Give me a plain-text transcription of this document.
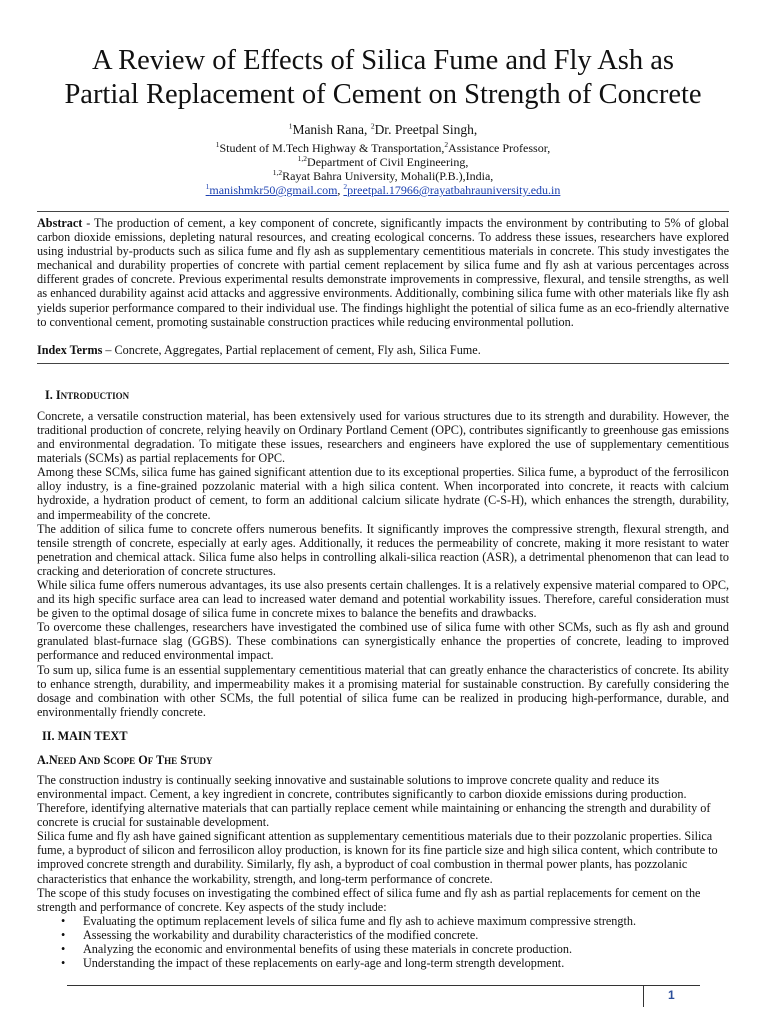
A Review of Effects of Silica Fume and Fly Ash as
Partial Replacement of Cement on Strength of Concrete
$^1$Manish Rana, $^2$Dr. Preetpal Singh,
$^1$Student of M.Tech Highway & Transportation,$^2$Assistance Professor,
$^{1,2}$Department of Civil Engineering,
$^{1,2}$Rayat Bahra University, Mohali(P.B.),India,
$^1$manishmkr50@gmail.com, $^2$preetpal.17966@rayatbahrauniversity.edu.in

Abstract - The production of cement, a key component of concrete, significantly impacts the environment by contributing to 5% of global carbon dioxide emissions, depleting natural resources, and creating ecological concerns. To address these issues, researchers have explored using industrial by-products such as silica fume and fly ash as supplementary cementitious materials in concrete. This study investigates the mechanical and durability properties of concrete with partial cement replacement by silica fume and fly ash at various percentages across different grades of concrete. Previous experimental results demonstrate improvements in compressive, flexural, and tensile strengths, as well as enhanced durability against acid attacks and aggressive environments. Additionally, combining silica fume with other materials like fly ash yields superior performance compared to their individual use. The findings highlight the potential of silica fume as an eco-friendly alternative to conventional cement, promoting sustainable construction practices while reducing environmental pollution.

Index Terms – Concrete, Aggregates, Partial replacement of cement, Fly ash, Silica Fume.

I. Introduction

Concrete, a versatile construction material, has been extensively used for various structures due to its strength and durability. However, the traditional production of concrete, relying heavily on Ordinary Portland Cement (OPC), contributes significantly to greenhouse gas emissions and environmental degradation. To mitigate these issues, researchers and engineers have explored the use of supplementary cementitious materials (SCMs) as partial replacements for OPC.

Among these SCMs, silica fume has gained significant attention due to its exceptional properties. Silica fume, a byproduct of the ferrosilicon alloy industry, is a fine-grained pozzolanic material with a high silica content. When incorporated into concrete, it reacts with calcium hydroxide, a hydration product of cement, to form an additional calcium silicate hydrate (C-S-H), which enhances the strength, durability, and impermeability of the concrete.

The addition of silica fume to concrete offers numerous benefits. It significantly improves the compressive strength, flexural strength, and tensile strength of concrete, especially at early ages. Additionally, it reduces the permeability of concrete, making it more resistant to water penetration and chemical attack. Silica fume also helps in controlling alkali-silica reaction (ASR), a detrimental phenomenon that can lead to cracking and deterioration of concrete structures.

While silica fume offers numerous advantages, its use also presents certain challenges. It is a relatively expensive material compared to OPC, and its high specific surface area can lead to increased water demand and potential workability issues. Therefore, careful consideration must be given to the optimal dosage of silica fume in concrete mixes to balance the benefits and drawbacks.

To overcome these challenges, researchers have investigated the combined use of silica fume with other SCMs, such as fly ash and ground granulated blast-furnace slag (GGBS). These combinations can synergistically enhance the properties of concrete, leading to improved performance and reduced environmental impact.

To sum up, silica fume is an essential supplementary cementitious material that can greatly enhance the characteristics of concrete. Its ability to enhance strength, durability, and impermeability makes it a promising material for sustainable construction. By carefully considering the dosage and combination with other SCMs, the full potential of silica fume can be realized in producing high-performance, durable, and environmentally friendly concrete.

II. MAIN TEXT
A.Need And Scope Of The Study

The construction industry is continually seeking innovative and sustainable solutions to improve concrete quality and reduce its environmental impact. Cement, a key ingredient in concrete, contributes significantly to carbon dioxide emissions during production. Therefore, identifying alternative materials that can partially replace cement while maintaining or enhancing the strength and durability of concrete is crucial for sustainable development.

Silica fume and fly ash have gained significant attention as supplementary cementitious materials due to their pozzolanic properties. Silica fume, a byproduct of silicon and ferrosilicon alloy production, is known for its fine particle size and high silica content, which contribute to improved concrete strength and durability. Similarly, fly ash, a byproduct of coal combustion in thermal power plants, has pozzolanic characteristics that enhance the workability, strength, and long-term performance of concrete.

The scope of this study focuses on investigating the combined effect of silica fume and fly ash as partial replacements for cement on the strength and performance of concrete. Key aspects of the study include:

• Evaluating the optimum replacement levels of silica fume and fly ash to achieve maximum compressive strength.
• Assessing the workability and durability characteristics of the modified concrete.
• Analyzing the economic and environmental benefits of using these materials in concrete production.
• Understanding the impact of these replacements on early-age and long-term strength development.
1
